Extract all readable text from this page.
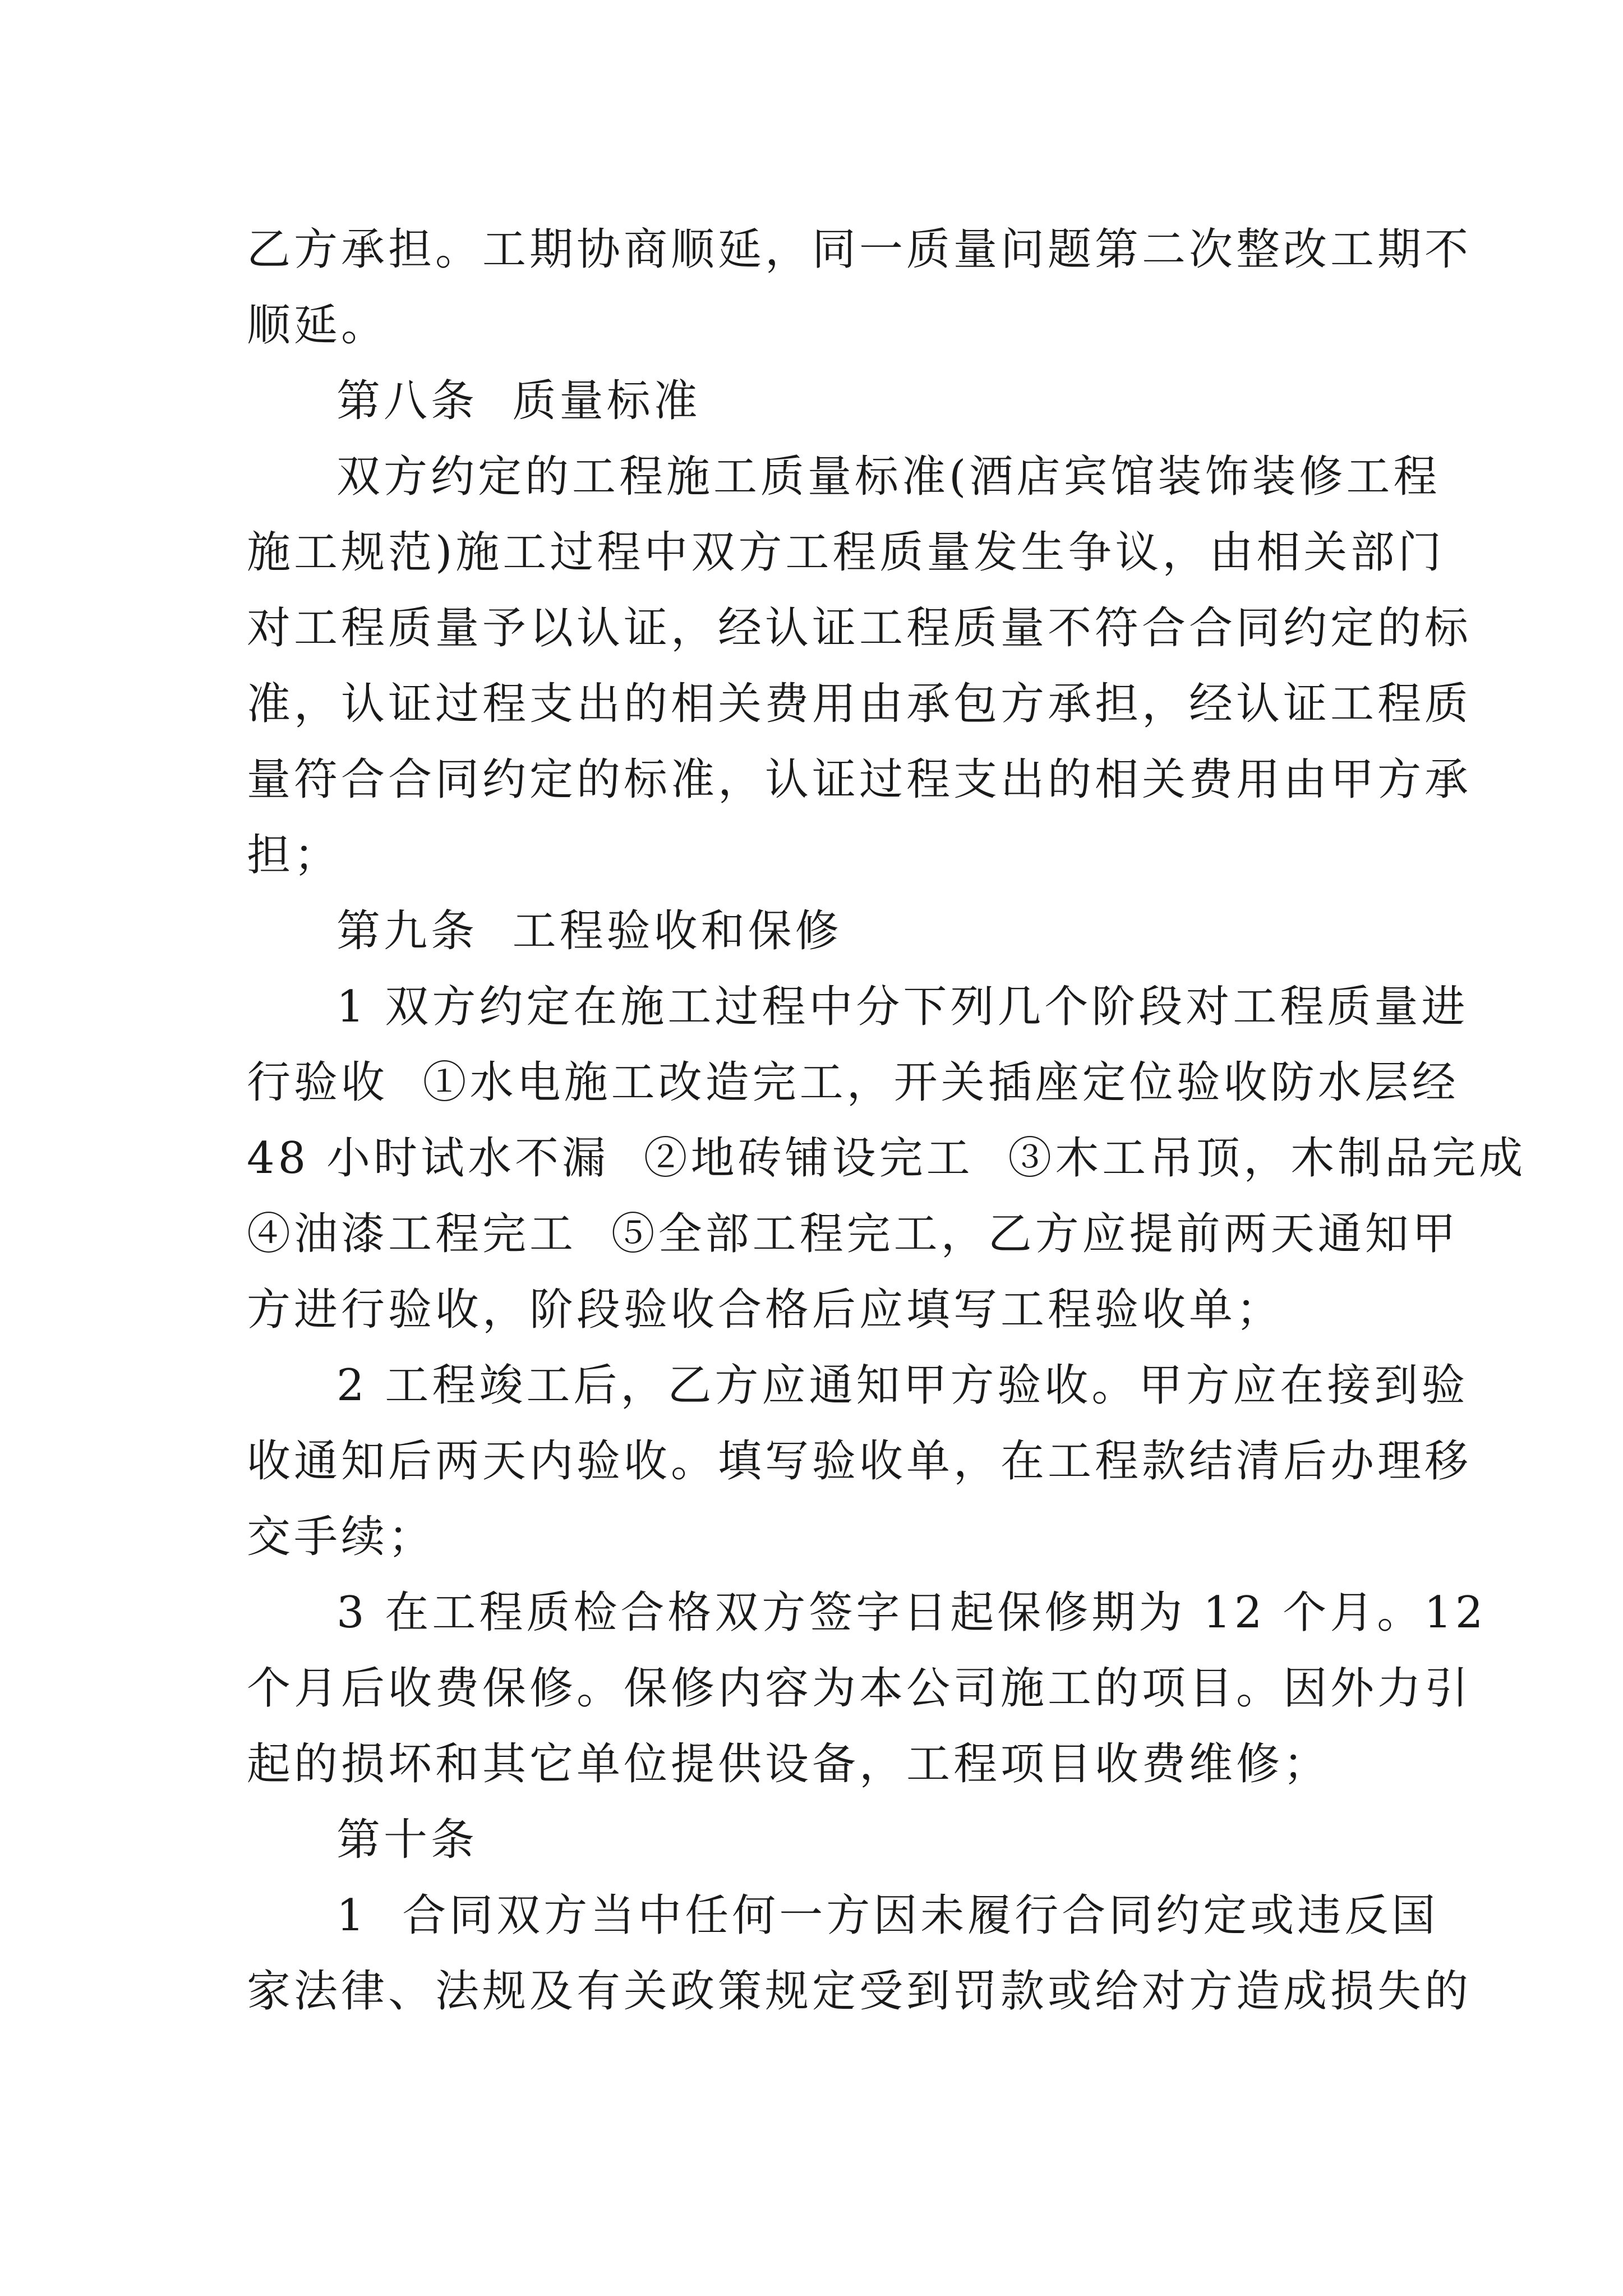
乙方承担。工期协商顺延，同一质量问题第二次整改工期不
顺延。
第八条  质量标准
双方约定的工程施工质量标准(酒店宾馆装饰装修工程
施工规范)施工过程中双方工程质量发生争议，由相关部门
对工程质量予以认证，经认证工程质量不符合合同约定的标
准，认证过程支出的相关费用由承包方承担，经认证工程质
量符合合同约定的标准，认证过程支出的相关费用由甲方承
担；
第九条  工程验收和保修
1 双方约定在施工过程中分下列几个阶段对工程质量进
行验收  ①水电施工改造完工，开关插座定位验收防水层经
48 小时试水不漏  ②地砖铺设完工  ③木工吊顶，木制品完成
④油漆工程完工  ⑤全部工程完工，乙方应提前两天通知甲
方进行验收，阶段验收合格后应填写工程验收单；
2 工程竣工后，乙方应通知甲方验收。甲方应在接到验
收通知后两天内验收。填写验收单，在工程款结清后办理移
交手续；
3 在工程质检合格双方签字日起保修期为 12 个月。12
个月后收费保修。保修内容为本公司施工的项目。因外力引
起的损坏和其它单位提供设备，工程项目收费维修；
第十条
1  合同双方当中任何一方因未履行合同约定或违反国
家法律、法规及有关政策规定受到罚款或给对方造成损失的
